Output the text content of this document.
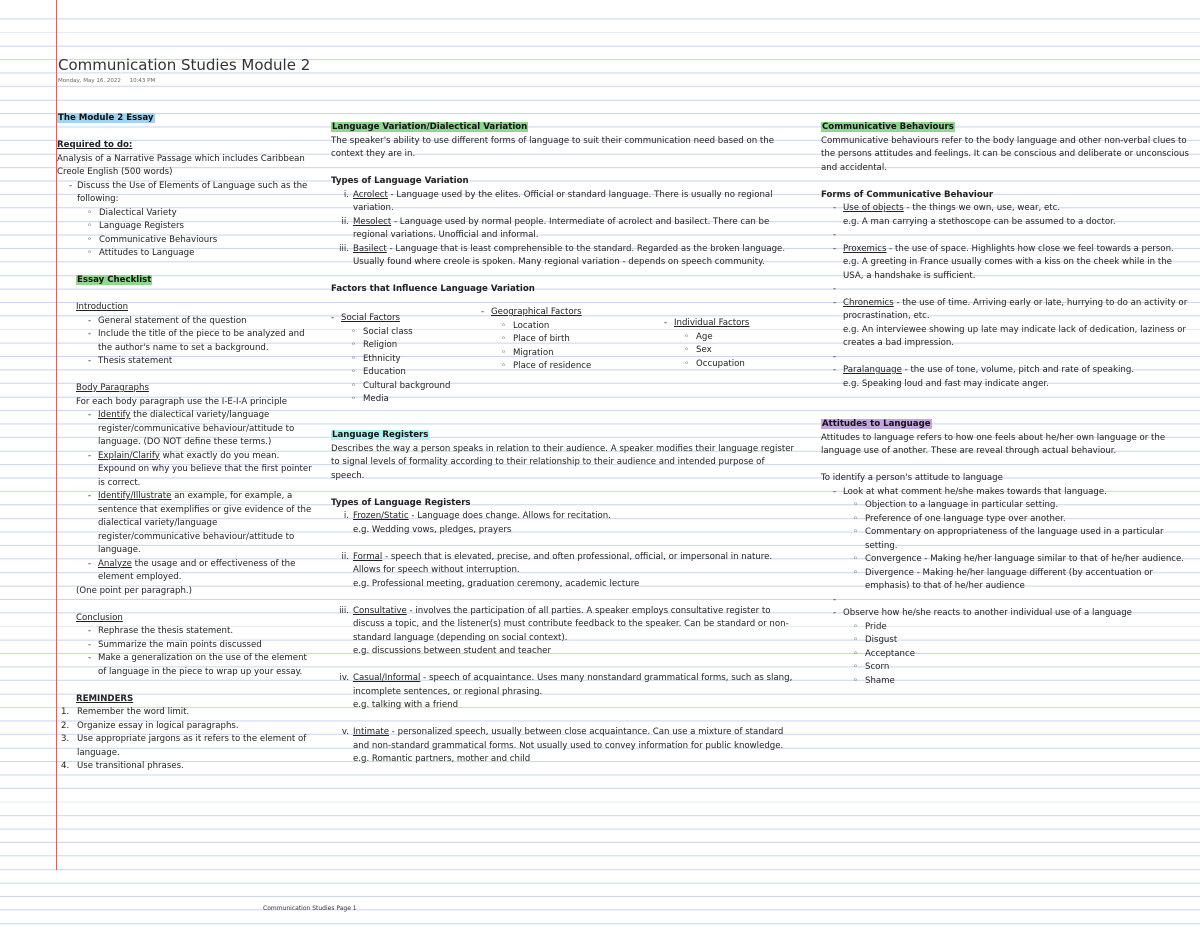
Communication Studies Module 2
Monday, May 16, 2022 10:43 PM

The Module 2 Essay

Required to do:

Analysis of a Narrative Passage which includes Caribbean Creole English (500 words)

- Discuss the Use of Elements of Language such as the following:
◦ Dialectical Variety
◦ Language Registers
◦ Communicative Behaviours
◦ Attitudes to Language

Essay Checklist

Introduction

- General statement of the question
- Include the title of the piece to be analyzed and the author's name to set a background.
- Thesis statement

Body Paragraphs

For each body paragraph use the I-E-I-A principle

- Identify the dialectical variety/language register/communicative behaviour/attitude to language. (DO NOT define these terms.)
- Explain/Clarify what exactly do you mean. Expound on why you believe that the first pointer is correct.
- Identify/Illustrate an example, for example, a sentence that exemplifies or give evidence of the dialectical variety/language register/communicative behaviour/attitude to language.
- Analyze the usage and or effectiveness of the element employed.

(One point per paragraph.)

Conclusion

- Rephrase the thesis statement.
- Summarize the main points discussed
- Make a generalization on the use of the element of language in the piece to wrap up your essay.

REMINDERS

1. Remember the word limit.
2. Organize essay in logical paragraphs.
3. Use appropriate jargons as it refers to the element of language.
4. Use transitional phrases.

Language Variation/Dialectical Variation

The speaker's ability to use different forms of language to suit their communication need based on the context they are in.

Types of Language Variation

i. Acrolect - Language used by the elites. Official or standard language. There is usually no regional variation.
ii. Mesolect - Language used by normal people. Intermediate of acrolect and basilect. There can be regional variations. Unofficial and informal.
iii. Basilect - Language that is least comprehensible to the standard. Regarded as the broken language. Usually found where creole is spoken. Many regional variation - depends on speech community.

Factors that Influence Language Variation

- Social Factors
◦ Social class
◦ Religion
◦ Ethnicity
◦ Education
◦ Cultural background
◦ Media
- Geographical Factors
◦ Location
◦ Place of birth
◦ Migration
◦ Place of residence
- Individual Factors
◦ Age
◦ Sex
◦ Occupation

Language Registers

Describes the way a person speaks in relation to their audience. A speaker modifies their language register to signal levels of formality according to their relationship to their audience and intended purpose of speech.

Types of Language Registers

i. Frozen/Static - Language does change. Allows for recitation.
e.g. Wedding vows, pledges, prayers
ii. Formal - speech that is elevated, precise, and often professional, official, or impersonal in nature. Allows for speech without interruption.
e.g. Professional meeting, graduation ceremony, academic lecture
iii. Consultative - involves the participation of all parties. A speaker employs consultative register to discuss a topic, and the listener(s) must contribute feedback to the speaker. Can be standard or non-standard language (depending on social context).
e.g. discussions between student and teacher
iv. Casual/Informal - speech of acquaintance. Uses many nonstandard grammatical forms, such as slang, incomplete sentences, or regional phrasing.
e.g. talking with a friend
v. Intimate - personalized speech, usually between close acquaintance. Can use a mixture of standard and non-standard grammatical forms. Not usually used to convey information for public knowledge.
e.g. Romantic partners, mother and child

Communicative Behaviours

Communicative behaviours refer to the body language and other non-verbal clues to the persons attitudes and feelings. It can be conscious and deliberate or unconscious and accidental.

Forms of Communicative Behaviour

- Use of objects - the things we own, use, wear, etc.
e.g. A man carrying a stethoscope can be assumed to a doctor.
-
- Proxemics - the use of space. Highlights how close we feel towards a person.
e.g. A greeting in France usually comes with a kiss on the cheek while in the USA, a handshake is sufficient.
-
- Chronemics - the use of time. Arriving early or late, hurrying to do an activity or procrastination, etc.
e.g. An interviewee showing up late may indicate lack of dedication, laziness or creates a bad impression.
-
- Paralanguage - the use of tone, volume, pitch and rate of speaking.
e.g. Speaking loud and fast may indicate anger.

Attitudes to Language

Attitudes to language refers to how one feels about he/her own language or the language use of another. These are reveal through actual behaviour.

To identify a person's attitude to language

- Look at what comment he/she makes towards that language.
◦ Objection to a language in particular setting.
◦ Preference of one language type over another.
◦ Commentary on appropriateness of the language used in a particular setting.
◦ Convergence - Making he/her language similar to that of he/her audience.
◦ Divergence - Making he/her language different (by accentuation or emphasis) to that of he/her audience
-
- Observe how he/she reacts to another individual use of a language
◦ Pride
◦ Disgust
◦ Acceptance
◦ Scorn
◦ Shame
Communication Studies Page 1
